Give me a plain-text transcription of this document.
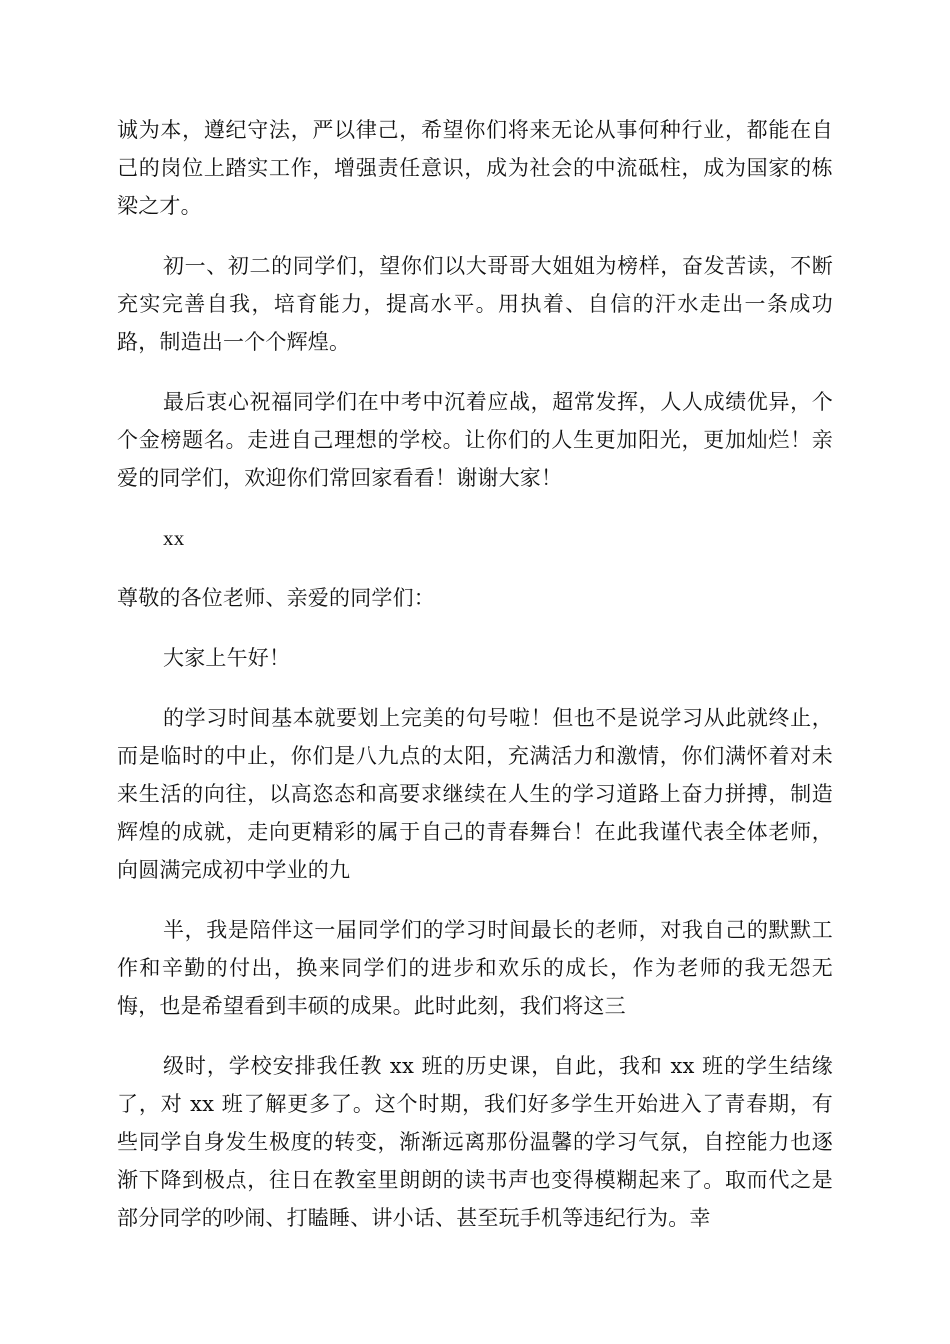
诚为本，遵纪守法，严以律己，希望你们将来无论从事何种行业，都能在自己的岗位上踏实工作，增强责任意识，成为社会的中流砥柱，成为国家的栋梁之才。

初一、初二的同学们，望你们以大哥哥大姐姐为榜样，奋发苦读，不断充实完善自我，培育能力，提高水平。用执着、自信的汗水走出一条成功路，制造出一个个辉煌。

最后衷心祝福同学们在中考中沉着应战，超常发挥，人人成绩优异，个个金榜题名。走进自己理想的学校。让你们的人生更加阳光，更加灿烂！亲爱的同学们，欢迎你们常回家看看！谢谢大家！

xx

尊敬的各位老师、亲爱的同学们：

大家上午好！

的学习时间基本就要划上完美的句号啦！但也不是说学习从此就终止，而是临时的中止，你们是八九点的太阳，充满活力和激情，你们满怀着对未来生活的向往，以高恣态和高要求继续在人生的学习道路上奋力拼搏，制造辉煌的成就，走向更精彩的属于自己的青春舞台！在此我谨代表全体老师，向圆满完成初中学业的九

半，我是陪伴这一届同学们的学习时间最长的老师，对我自己的默默工作和辛勤的付出，换来同学们的进步和欢乐的成长，作为老师的我无怨无悔，也是希望看到丰硕的成果。此时此刻，我们将这三

级时，学校安排我任教 xx 班的历史课，自此，我和 xx 班的学生结缘了，对 xx 班了解更多了。这个时期，我们好多学生开始进入了青春期，有些同学自身发生极度的转变，渐渐远离那份温馨的学习气氛，自控能力也逐渐下降到极点，往日在教室里朗朗的读书声也变得模糊起来了。取而代之是部分同学的吵闹、打瞌睡、讲小话、甚至玩手机等违纪行为。幸
